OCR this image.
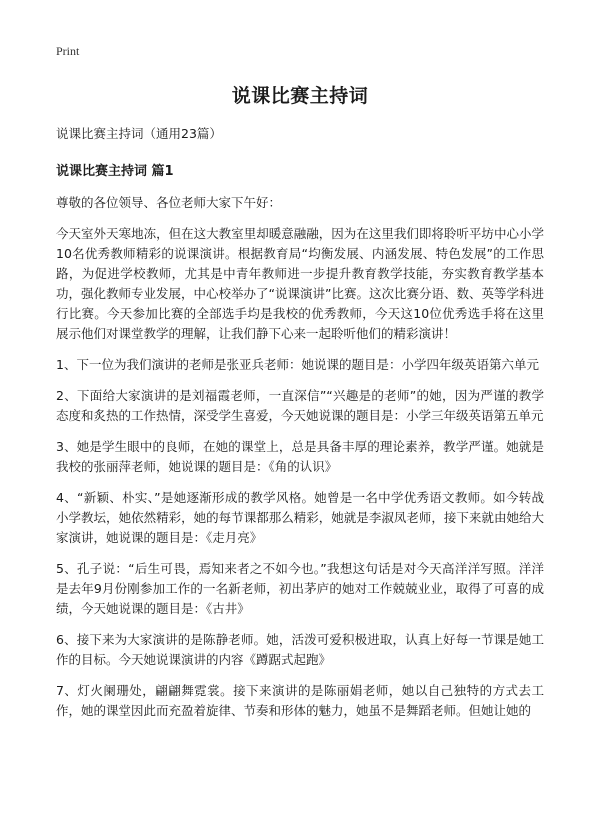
Print
说课比赛主持词
说课比赛主持词（通用23篇）
说课比赛主持词 篇1

尊敬的各位领导、各位老师大家下午好：

今天室外天寒地冻，但在这大教室里却暖意融融，因为在这里我们即将聆听平坊中心小学10名优秀教师精彩的说课演讲。根据教育局“均衡发展、内涵发展、特色发展”的工作思路，为促进学校教师，尤其是中青年教师进一步提升教育教学技能，夯实教育教学基本功，强化教师专业发展，中心校举办了“说课演讲”比赛。这次比赛分语、数、英等学科进行比赛。今天参加比赛的全部选手均是我校的优秀教师，今天这10位优秀选手将在这里展示他们对课堂教学的理解，让我们静下心来一起聆听他们的精彩演讲！

1、下一位为我们演讲的老师是张亚兵老师：她说课的题目是：小学四年级英语第六单元

2、下面给大家演讲的是刘福霞老师，一直深信”“兴趣是的老师”的她，因为严谨的教学态度和炙热的工作热情，深受学生喜爱，今天她说课的题目是：小学三年级英语第五单元

3、她是学生眼中的良师，在她的课堂上，总是具备丰厚的理论素养，教学严谨。她就是我校的张丽萍老师，她说课的题目是：《角的认识》

4、“新颖、朴实、”是她逐渐形成的教学风格。她曾是一名中学优秀语文教师。如今转战小学教坛，她依然精彩，她的每节课都那么精彩，她就是李淑凤老师，接下来就由她给大家演讲，她说课的题目是：《走月亮》

5、孔子说：“后生可畏，焉知来者之不如今也。”我想这句话是对今天高洋洋写照。洋洋是去年9月份刚参加工作的一名新老师，初出茅庐的她对工作兢兢业业，取得了可喜的成绩，今天她说课的题目是：《古井》

6、接下来为大家演讲的是陈静老师。她，活泼可爱积极进取，认真上好每一节课是她工作的目标。今天她说课演讲的内容《蹲踞式起跑》

7、灯火阑珊处，翩翩舞霓裳。接下来演讲的是陈丽娟老师，她以自己独特的方式去工作，她的课堂因此而充盈着旋律、节奏和形体的魅力，她虽不是舞蹈老师。但她让她的
